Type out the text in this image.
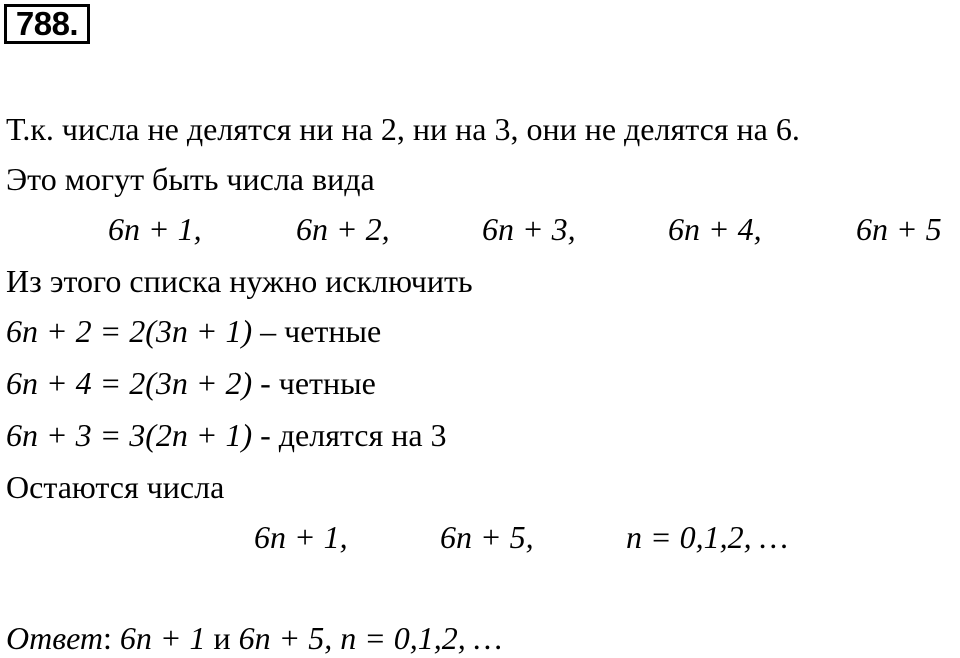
788.
Т.к. числа не делятся ни на 2, ни на 3, они не делятся на 6.
Это могут быть числа вида
6n + 1,	6n + 2,	6n + 3,	6n + 4,	6n + 5
Из этого списка нужно исключить
6n + 2 = 2(3n + 1) – четные
6n + 4 = 2(3n + 2) - четные
6n + 3 = 3(2n + 1) - делятся на 3
Остаются числа
6n + 1,	6n + 5,	n = 0,1,2, …
Ответ: 6n + 1 и 6n + 5, n = 0,1,2, …
